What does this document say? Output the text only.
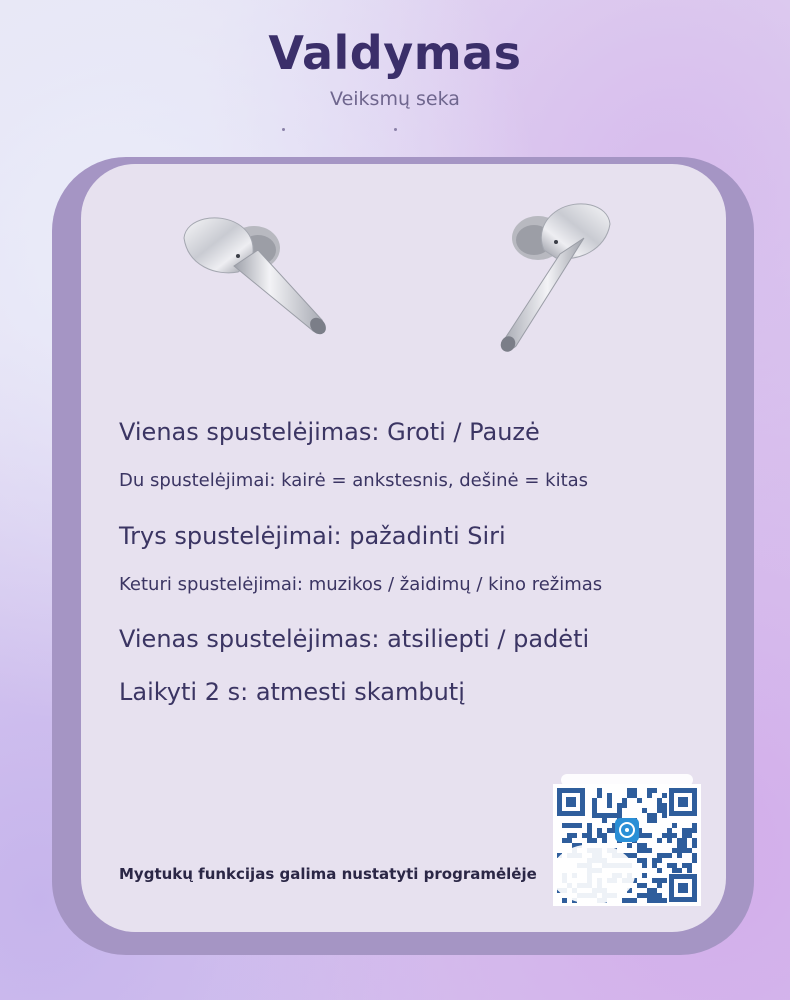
Valdymas

Veiksmų seka

Vienas spustelėjimas: Groti / Pauzė
Du spustelėjimai: kairė = ankstesnis, dešinė = kitas
Trys spustelėjimai: pažadinti Siri
Keturi spustelėjimai: muzikos / žaidimų / kino režimas
Vienas spustelėjimas: atsiliepti / padėti
Laikyti 2 s: atmesti skambutį
Mygtukų funkcijas galima nustatyti programėlėje
